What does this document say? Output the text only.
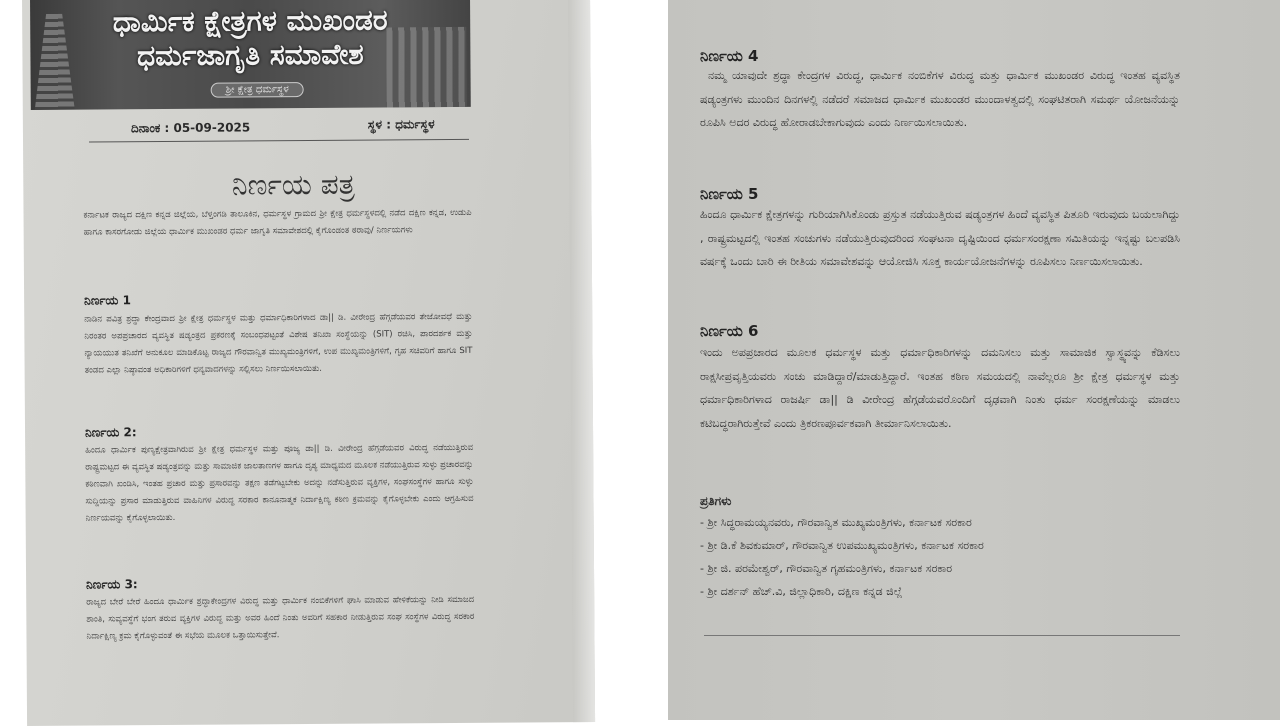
ಧಾರ್ಮಿಕ ಕ್ಷೇತ್ರಗಳ ಮುಖಂಡರ
ಧರ್ಮಜಾಗೃತಿ ಸಮಾವೇಶ
ಶ್ರೀ ಕ್ಷೇತ್ರ ಧರ್ಮಸ್ಥಳ
ದಿನಾಂಕ : 05-09-2025	ಸ್ಥಳ : ಧರ್ಮಸ್ಥಳ
ನಿರ್ಣಯ ಪತ್ರ
ಕರ್ನಾಟಕ ರಾಜ್ಯದ ದಕ್ಷಿಣ ಕನ್ನಡ ಜಿಲ್ಲೆಯ, ಬೆಳ್ತಂಗಡಿ ತಾಲೂಕಿನ, ಧರ್ಮಸ್ಥಳ ಗ್ರಾಮದ ಶ್ರೀ ಕ್ಷೇತ್ರ ಧರ್ಮಸ್ಥಳದಲ್ಲಿ ನಡೆದ ದಕ್ಷಿಣ ಕನ್ನಡ, ಉಡುಪಿ ಹಾಗೂ ಕಾಸರಗೋಡು ಜಿಲ್ಲೆಯ ಧಾರ್ಮಿಕ ಮುಖಂಡರ ಧರ್ಮ ಜಾಗೃತಿ ಸಮಾವೇಶದಲ್ಲಿ ಕೈಗೊಂಡಂತ ಠರಾವು/ ನಿರ್ಣಯಗಳು
ನಿರ್ಣಯ 1
ನಾಡಿನ ಪವಿತ್ರ ಶ್ರದ್ಧಾ ಕೇಂದ್ರವಾದ ಶ್ರೀ ಕ್ಷೇತ್ರ ಧರ್ಮಸ್ಥಳ ಮತ್ತು ಧರ್ಮಾಧಿಕಾರಿಗಳಾದ ಡಾ|| ಡಿ. ವೀರೇಂದ್ರ ಹೆಗ್ಗಡೆಯವರ ತೇಜೋವಧೆ ಮತ್ತು ನಿರಂತರ ಅಪಪ್ರಚಾರದ ವ್ಯವಸ್ಥಿತ ಷಡ್ಯಂತ್ರದ ಪ್ರಕರಣಕ್ಕೆ ಸಂಬಂಧಪಟ್ಟಂತೆ ವಿಶೇಷ ತನಿಖಾ ಸಂಸ್ಥೆಯನ್ನು (SIT) ರಚಿಸಿ, ಪಾರದರ್ಶಕ ಮತ್ತು ನ್ಯಾಯಯುತ ತನಿಖೆಗೆ ಅನುಕೂಲ ಮಾಡಿಕೊಟ್ಟ ರಾಜ್ಯದ ಗೌರವಾನ್ವಿತ ಮುಖ್ಯಮಂತ್ರಿಗಳಿಗೆ, ಉಪ ಮುಖ್ಯಮಂತ್ರಿಗಳಿಗೆ, ಗೃಹ ಸಚಿವರಿಗೆ ಹಾಗೂ SIT ತಂಡದ ಎಲ್ಲಾ ನಿಷ್ಠಾವಂತ ಅಧಿಕಾರಿಗಳಿಗೆ ಧನ್ಯವಾದಗಳನ್ನು ಸಲ್ಲಿಸಲು ನಿರ್ಣಯಿಸಲಾಯಿತು.
ನಿರ್ಣಯ 2:
ಹಿಂದೂ ಧಾರ್ಮಿಕ ಪುಣ್ಯಕ್ಷೇತ್ರವಾಗಿರುವ ಶ್ರೀ ಕ್ಷೇತ್ರ ಧರ್ಮಸ್ಥಳ ಮತ್ತು ಪೂಜ್ಯ ಡಾ|| ಡಿ. ವೀರೇಂದ್ರ ಹೆಗ್ಗಡೆಯವರ ವಿರುದ್ಧ ನಡೆಯುತ್ತಿರುವ ರಾಷ್ಟ್ರಮಟ್ಟದ ಈ ವ್ಯವಸ್ಥಿತ ಷಡ್ಯಂತ್ರವನ್ನು ಮತ್ತು ಸಾಮಾಜಿಕ ಜಾಲತಾಣಗಳ ಹಾಗೂ ದೃಶ್ಯ ಮಾಧ್ಯಮದ ಮೂಲಕ ನಡೆಯುತ್ತಿರುವ ಸುಳ್ಳು ಪ್ರಚಾರವನ್ನು ಕಠಿಣವಾಗಿ ಖಂಡಿಸಿ, ಇಂತಹ ಪ್ರಚಾರ ಮತ್ತು ಪ್ರಸಾರವನ್ನು ತಕ್ಷಣ ತಡೆಗಟ್ಟಬೇಕು ಅದನ್ನು ನಡೆಸುತ್ತಿರುವ ವ್ಯಕ್ತಿಗಳ, ಸಂಘಸಂಸ್ಥೆಗಳ ಹಾಗೂ ಸುಳ್ಳು ಸುದ್ದಿಯನ್ನು ಪ್ರಸಾರ ಮಾಡುತ್ತಿರುವ ವಾಹಿನಿಗಳ ವಿರುದ್ಧ ಸರಕಾರ ಕಾನೂನಾತ್ಮಕ ನಿರ್ದಾಕ್ಷಿಣ್ಯ ಕಠಿಣ ಕ್ರಮವನ್ನು ಕೈಗೊಳ್ಳಬೇಕು ಎಂದು ಆಗ್ರಹಿಸುವ ನಿರ್ಣಯವನ್ನು ಕೈಗೊಳ್ಳಲಾಯಿತು.
ನಿರ್ಣಯ 3:
ರಾಜ್ಯದ ಬೇರೆ ಬೇರೆ ಹಿಂದೂ ಧಾರ್ಮಿಕ ಶ್ರದ್ಧಾಕೇಂದ್ರಗಳ ವಿರುದ್ಧ ಮತ್ತು ಧಾರ್ಮಿಕ ನಂಬಿಕೆಗಳಿಗೆ ಘಾಸಿ ಮಾಡುವ ಹೇಳಿಕೆಯನ್ನು ನೀಡಿ ಸಮಾಜದ ಶಾಂತಿ, ಸುವ್ಯವಸ್ಥೆಗೆ ಭಂಗ ತರುವ ವ್ಯಕ್ತಿಗಳ ವಿರುದ್ಧ ಮತ್ತು ಅವರ ಹಿಂದೆ ನಿಂತು ಅವರಿಗೆ ಸಹಕಾರ ನೀಡುತ್ತಿರುವ ಸಂಘ ಸಂಸ್ಥೆಗಳ ವಿರುದ್ಧ ಸರಕಾರ ನಿರ್ದಾಕ್ಷಿಣ್ಯ ಕ್ರಮ ಕೈಗೊಳ್ಳುವಂತೆ ಈ ಸಭೆಯ ಮೂಲಕ ಒತ್ತಾಯಿಸುತ್ತೇವೆ.
ನಿರ್ಣಯ 4
ನಮ್ಮ ಯಾವುದೇ ಶ್ರದ್ಧಾ ಕೇಂದ್ರಗಳ ವಿರುದ್ಧ, ಧಾರ್ಮಿಕ ನಂಬಿಕೆಗಳ ವಿರುದ್ಧ ಮತ್ತು ಧಾರ್ಮಿಕ ಮುಖಂಡರ ವಿರುದ್ಧ ಇಂತಹ ವ್ಯವಸ್ಥಿತ ಷಡ್ಯಂತ್ರಗಳು ಮುಂದಿನ ದಿನಗಳಲ್ಲಿ ನಡೆದರೆ ಸಮಾಜದ ಧಾರ್ಮಿಕ ಮುಖಂಡರ ಮುಂದಾಳತ್ವದಲ್ಲಿ ಸಂಘಟಿತರಾಗಿ ಸಮರ್ಥ ಯೋಜನೆಯನ್ನು ರೂಪಿಸಿ ಅದರ ವಿರುದ್ಧ ಹೋರಾಡಬೇಕಾಗುವುದು ಎಂದು ನಿರ್ಣಯಿಸಲಾಯಿತು.
ನಿರ್ಣಯ 5
ಹಿಂದೂ ಧಾರ್ಮಿಕ ಕ್ಷೇತ್ರಗಳನ್ನು ಗುರಿಯಾಗಿಸಿಕೊಂಡು ಪ್ರಸ್ತುತ ನಡೆಯುತ್ತಿರುವ ಷಡ್ಯಂತ್ರಗಳ ಹಿಂದೆ ವ್ಯವಸ್ಥಿತ ಪಿತೂರಿ ಇರುವುದು ಬಯಲಾಗಿದ್ದು , ರಾಷ್ಟ್ರಮಟ್ಟದಲ್ಲಿ ಇಂತಹ ಸಂಚುಗಳು ನಡೆಯುತ್ತಿರುವುದರಿಂದ ಸಂಘಟನಾ ದೃಷ್ಟಿಯಿಂದ ಧರ್ಮಸಂರಕ್ಷಣಾ ಸಮಿತಿಯನ್ನು ಇನ್ನಷ್ಟು ಬಲಪಡಿಸಿ ವರ್ಷಕ್ಕೆ ಒಂದು ಬಾರಿ ಈ ರೀತಿಯ ಸಮಾವೇಶವನ್ನು ಆಯೋಜಿಸಿ ಸೂಕ್ತ ಕಾರ್ಯಯೋಜನೆಗಳನ್ನು ರೂಪಿಸಲು ನಿರ್ಣಯಿಸಲಾಯಿತು.
ನಿರ್ಣಯ 6
ಇಂದು ಅಪಪ್ರಚಾರದ ಮೂಲಕ ಧರ್ಮಸ್ಥಳ ಮತ್ತು ಧರ್ಮಾಧಿಕಾರಿಗಳನ್ನು ದಮನಿಸಲು ಮತ್ತು ಸಾಮಾಜಿಕ ಸ್ವಾಸ್ಥ್ಯವನ್ನು ಕೆಡಿಸಲು ರಾಕ್ಷಸೀಪ್ರವೃತ್ತಿಯವರು ಸಂಚು ಮಾಡಿದ್ದಾರೆ/ಮಾಡುತ್ತಿದ್ದಾರೆ. ಇಂತಹ ಕಠಿಣ ಸಮಯದಲ್ಲಿ ನಾವೆಲ್ಲರೂ ಶ್ರೀ ಕ್ಷೇತ್ರ ಧರ್ಮಸ್ಥಳ ಮತ್ತು ಧರ್ಮಾಧಿಕಾರಿಗಳಾದ ರಾಜರ್ಷಿ ಡಾ|| ಡಿ ವೀರೇಂದ್ರ ಹೆಗ್ಗಡೆಯವರೊಂದಿಗೆ ದೃಢವಾಗಿ ನಿಂತು ಧರ್ಮ ಸಂರಕ್ಷಣೆಯನ್ನು ಮಾಡಲು ಕಟಿಬದ್ಧರಾಗಿರುತ್ತೇವೆ ಎಂದು ತ್ರಿಕರಣಪೂರ್ವಕವಾಗಿ ತೀರ್ಮಾನಿಸಲಾಯಿತು.
ಪ್ರತಿಗಳು
- ಶ್ರೀ ಸಿದ್ಧರಾಮಯ್ಯನವರು, ಗೌರವಾನ್ವಿತ ಮುಖ್ಯಮಂತ್ರಿಗಳು, ಕರ್ನಾಟಕ ಸರಕಾರ
- ಶ್ರೀ ಡಿ.ಕೆ ಶಿವಕುಮಾರ್, ಗೌರವಾನ್ವಿತ ಉಪಮುಖ್ಯಮಂತ್ರಿಗಳು, ಕರ್ನಾಟಕ ಸರಕಾರ
- ಶ್ರೀ ಜಿ. ಪರಮೇಶ್ವರ್, ಗೌರವಾನ್ವಿತ ಗೃಹಮಂತ್ರಿಗಳು, ಕರ್ನಾಟಕ ಸರಕಾರ
- ಶ್ರೀ ದರ್ಶನ್ ಹೆಚ್.ವಿ, ಜಿಲ್ಲಾಧಿಕಾರಿ, ದಕ್ಷಿಣ ಕನ್ನಡ ಜಿಲ್ಲೆ
